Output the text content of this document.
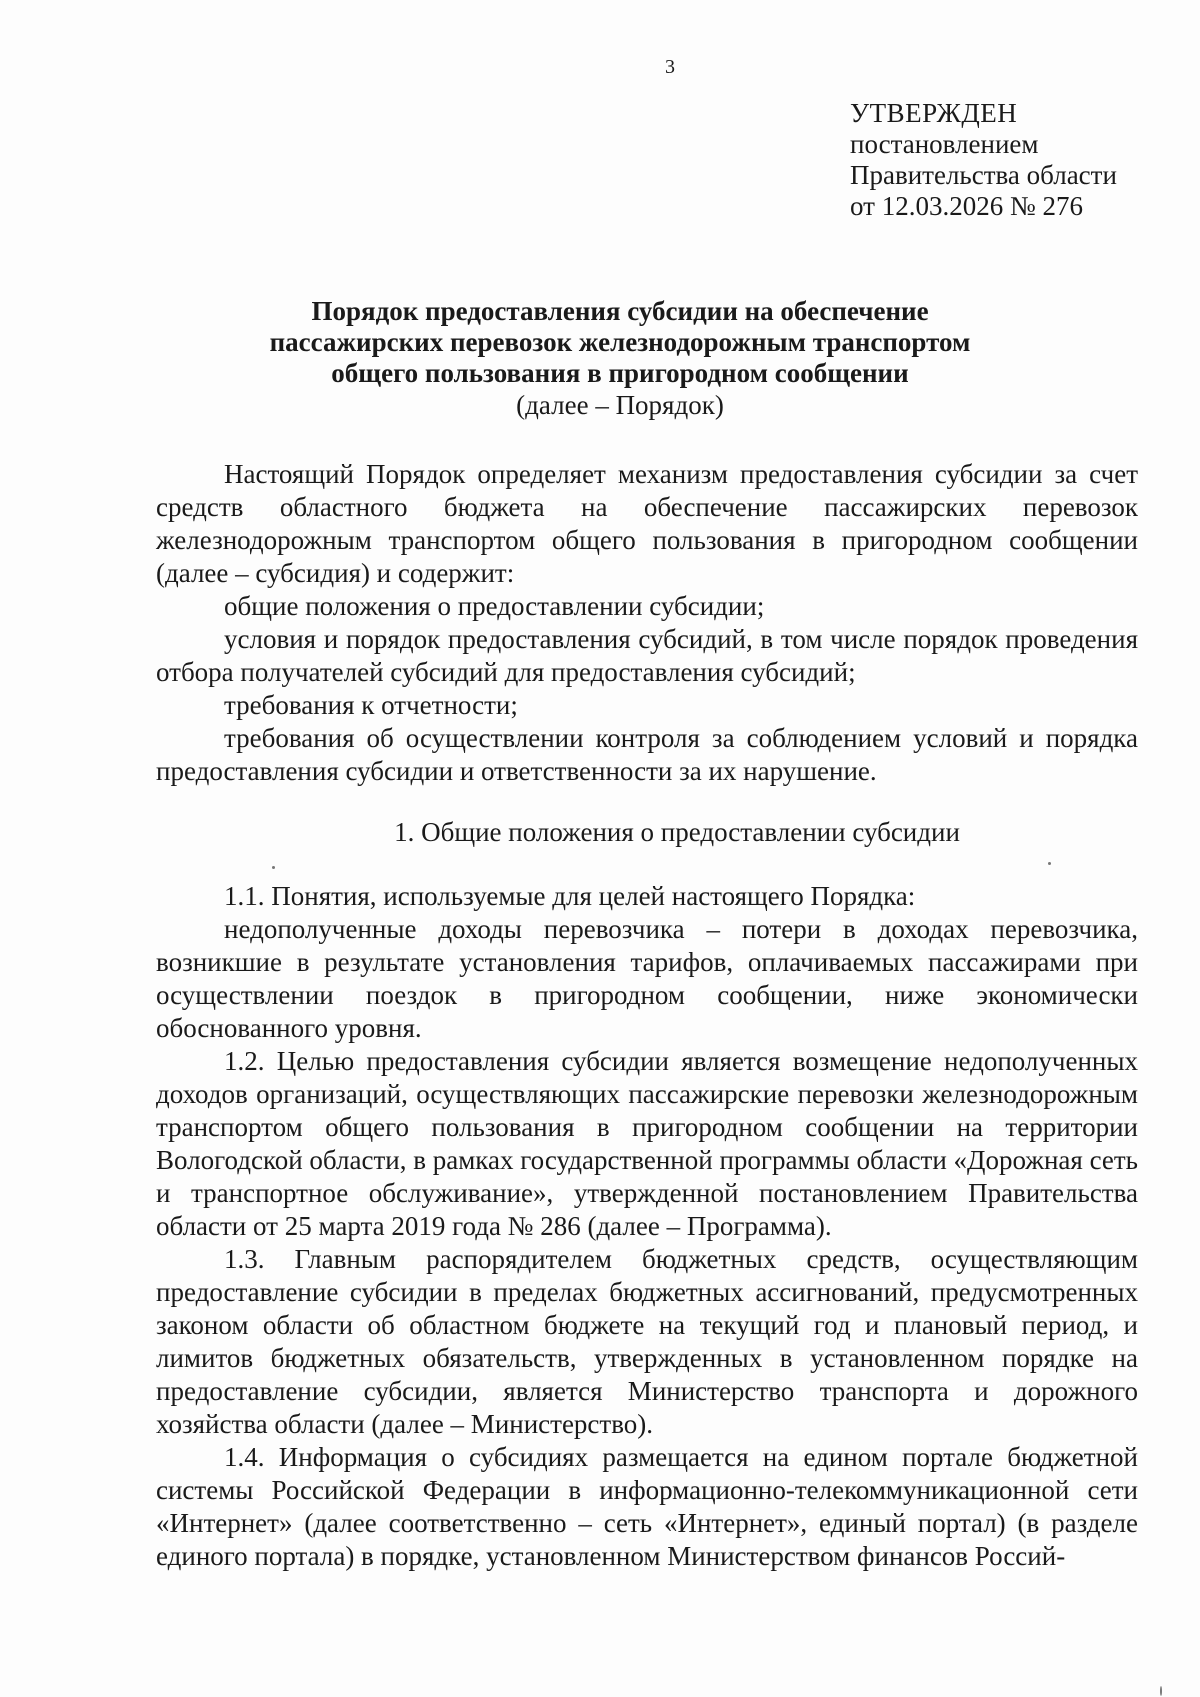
3
УТВЕРЖДЕН
постановлением
Правительства области
от 12.03.2026 № 276
Порядок предоставления субсидии на обеспечение
пассажирских перевозок железнодорожным транспортом
общего пользования в пригородном сообщении
(далее – Порядок)

Настоящий Порядок определяет механизм предоставления субсидии за счет средств областного бюджета на обеспечение пассажирских перевозок железнодорожным транспортом общего пользования в пригородном сообщении (далее – субсидия) и содержит:

общие положения о предоставлении субсидии;

условия и порядок предоставления субсидий, в том числе порядок проведения отбора получателей субсидий для предоставления субсидий;

требования к отчетности;

требования об осуществлении контроля за соблюдением условий и порядка предоставления субсидии и ответственности за их нарушение.

1. Общие положения о предоставлении субсидии

1.1. Понятия, используемые для целей настоящего Порядка:

недополученные доходы перевозчика – потери в доходах перевозчика, возникшие в результате установления тарифов, оплачиваемых пассажирами при осуществлении поездок в пригородном сообщении, ниже экономически обоснованного уровня.

1.2. Целью предоставления субсидии является возмещение недополученных доходов организаций, осуществляющих пассажирские перевозки железнодорожным транспортом общего пользования в пригородном сообщении на территории Вологодской области, в рамках государственной программы области «Дорожная сеть и транспортное обслуживание», утвержденной постановлением Правительства области от 25 марта 2019 года № 286 (далее – Программа).

1.3. Главным распорядителем бюджетных средств, осуществляющим предоставление субсидии в пределах бюджетных ассигнований, предусмотренных законом области об областном бюджете на текущий год и плановый период, и лимитов бюджетных обязательств, утвержденных в установленном порядке на предоставление субсидии, является Министерство транспорта и дорожного хозяйства области (далее – Министерство).

1.4. Информация о субсидиях размещается на едином портале бюджетной системы Российской Федерации в информационно-телекоммуникационной сети «Интернет» (далее соответственно – сеть «Интернет», единый портал) (в разделе единого портала) в порядке, установленном Министерством финансов Россий-
